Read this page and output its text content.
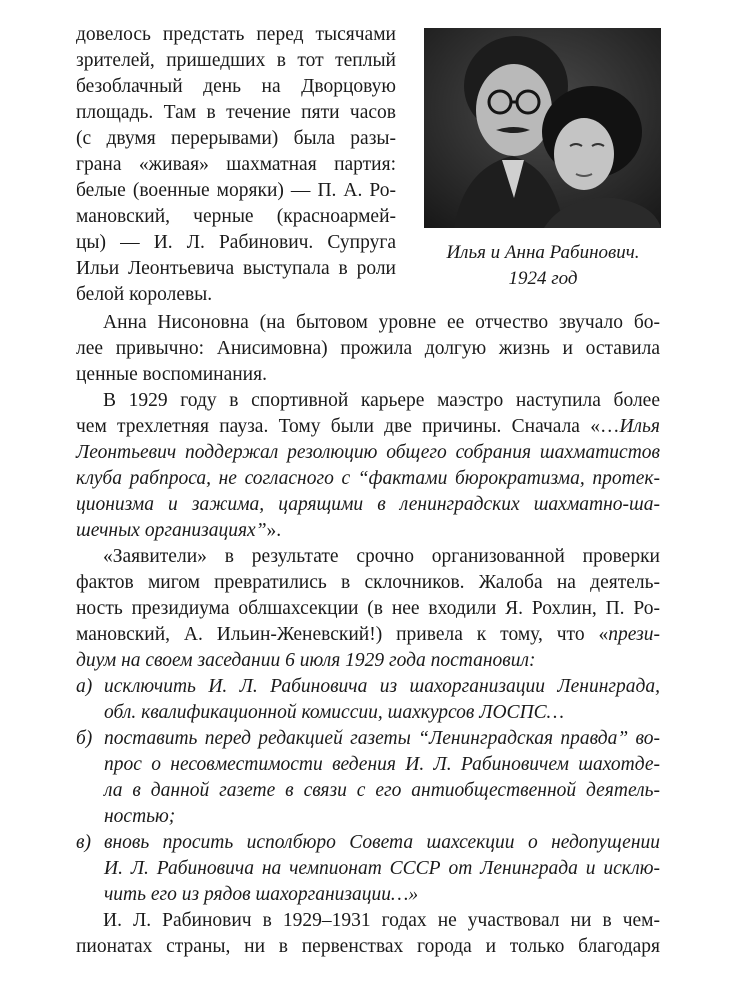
довелось предстать перед тысячами
зрителей, пришедших в тот теплый
безоблачный день на Дворцовую
площадь. Там в течение пяти часов
(с двумя перерывами) была разы-
грана «живая» шахматная партия:
белые (военные моряки) — П. А. Ро-
мановский, черные (красноармей-
цы) — И. Л. Рабинович. Супруга
Ильи Леонтьевича выступала в роли
белой королевы.
Илья и Анна Рабинович.
1924 год
Анна Нисоновна (на бытовом уровне ее отчество звучало бо-
лее привычно: Анисимовна) прожила долгую жизнь и оставила
ценные воспоминания.
В 1929 году в спортивной карьере маэстро наступила более
чем трехлетняя пауза. Тому были две причины. Сначала «…Илья
Леонтьевич поддержал резолюцию общего собрания шахматистов
клуба рабпроса, не согласного с “фактами бюрократизма, протек-
ционизма и зажима, царящими в ленинградских шахматно-ша-
шечных организациях”».
«Заявители» в результате срочно организованной проверки
фактов мигом превратились в склочников. Жалоба на деятель-
ность президиума облшахсекции (в нее входили Я. Рохлин, П. Ро-
мановский, А. Ильин-Женевский!) привела к тому, что «прези-
диум на своем заседании 6 июля 1929 года постановил:
а) исключить И. Л. Рабиновича из шахорганизации Ленинграда,
обл. квалификационной комиссии, шахкурсов ЛОСПС…
б) поставить перед редакцией газеты “Ленинградская правда” во-
прос о несовместимости ведения И. Л. Рабиновичем шахотде-
ла в данной газете в связи с его антиобщественной деятель-
ностью;
в) вновь просить исполбюро Совета шахсекции о недопущении
И. Л. Рабиновича на чемпионат СССР от Ленинграда и исклю-
чить его из рядов шахорганизации…»
И. Л. Рабинович в 1929–1931 годах не участвовал ни в чем-
пионатах страны, ни в первенствах города и только благодаря
